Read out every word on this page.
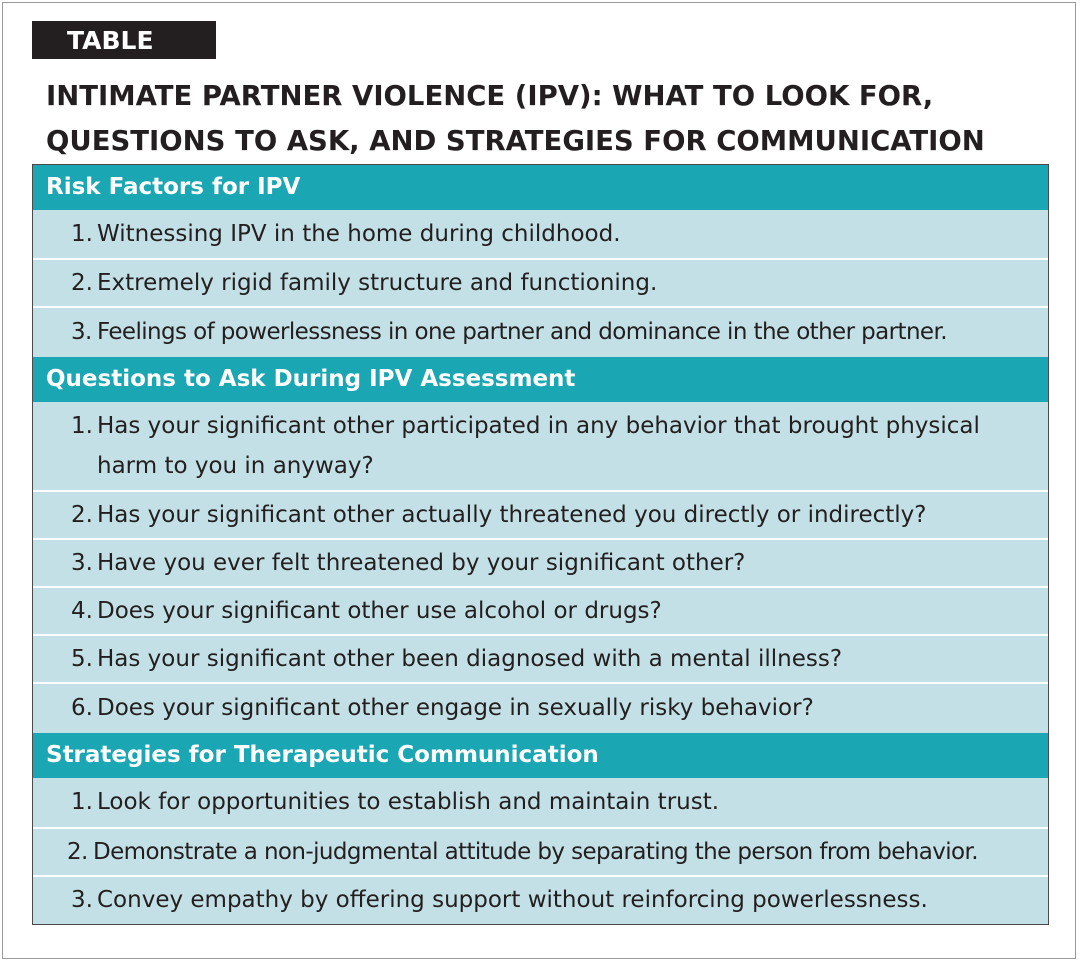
TABLE
INTIMATE PARTNER VIOLENCE (IPV): WHAT TO LOOK FOR,
QUESTIONS TO ASK, AND STRATEGIES FOR COMMUNICATION
Risk Factors for IPV
1. Witnessing IPV in the home during childhood.
2. Extremely rigid family structure and functioning.
3. Feelings of powerlessness in one partner and dominance in the other partner.
Questions to Ask During IPV Assessment
1. Has your significant other participated in any behavior that brought physical harm to you in anyway?
2. Has your significant other actually threatened you directly or indirectly?
3. Have you ever felt threatened by your significant other?
4. Does your significant other use alcohol or drugs?
5. Has your significant other been diagnosed with a mental illness?
6. Does your significant other engage in sexually risky behavior?
Strategies for Therapeutic Communication
1. Look for opportunities to establish and maintain trust.
2. Demonstrate a non-judgmental attitude by separating the person from behavior.
3. Convey empathy by offering support without reinforcing powerlessness.
